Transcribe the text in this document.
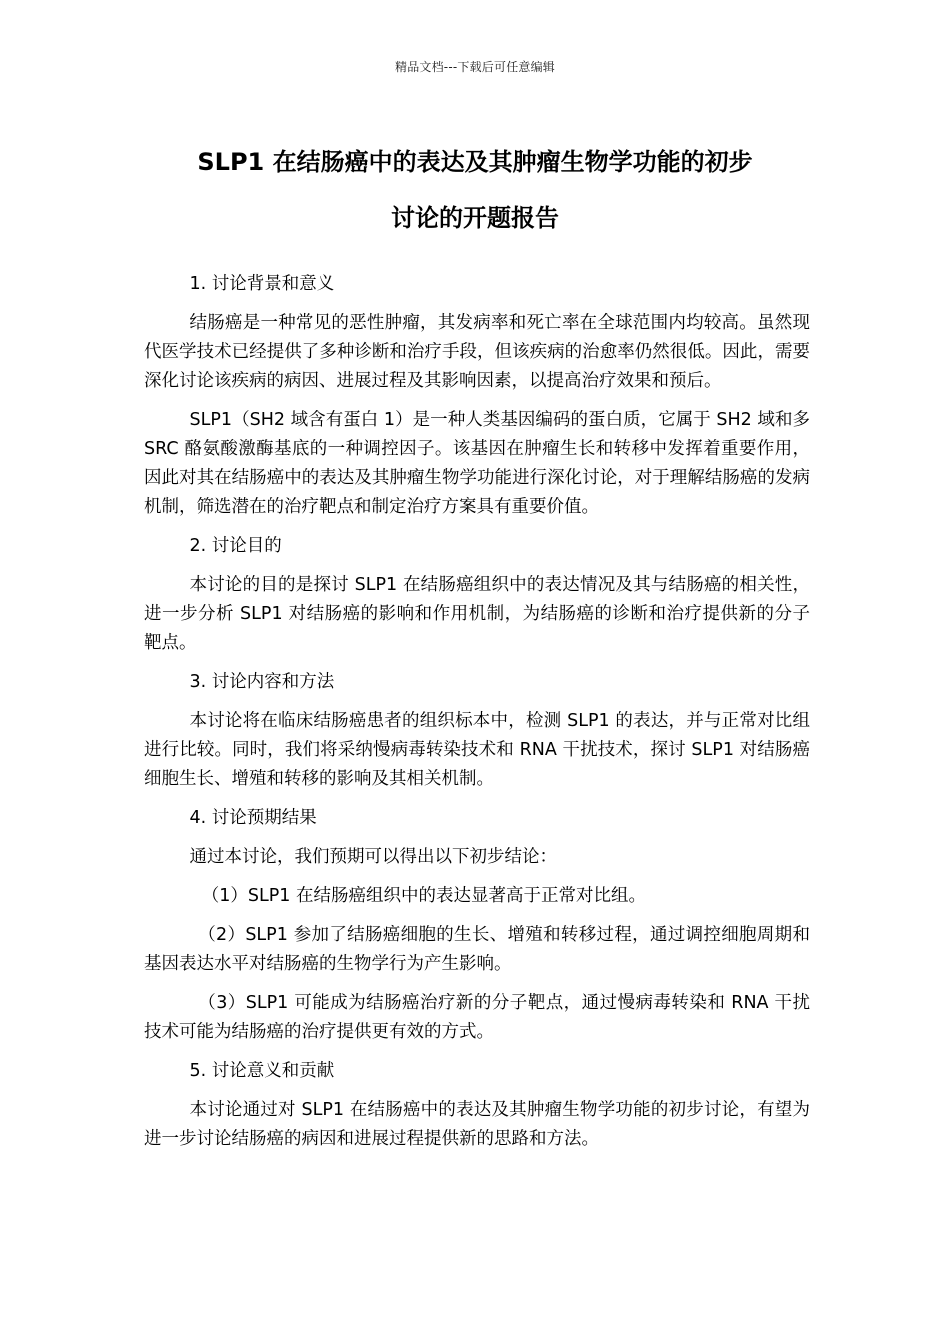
精品文档---下载后可任意编辑
SLP1 在结肠癌中的表达及其肿瘤生物学功能的初步
讨论的开题报告

1. 讨论背景和意义

结肠癌是一种常见的恶性肿瘤，其发病率和死亡率在全球范围内均较高。虽然现代医学技术已经提供了多种诊断和治疗手段，但该疾病的治愈率仍然很低。因此，需要深化讨论该疾病的病因、进展过程及其影响因素，以提高治疗效果和预后。

SLP1（SH2 域含有蛋白 1）是一种人类基因编码的蛋白质，它属于 SH2 域和多 SRC 酪氨酸激酶基底的一种调控因子。该基因在肿瘤生长和转移中发挥着重要作用，因此对其在结肠癌中的表达及其肿瘤生物学功能进行深化讨论，对于理解结肠癌的发病机制，筛选潜在的治疗靶点和制定治疗方案具有重要价值。

2. 讨论目的

本讨论的目的是探讨 SLP1 在结肠癌组织中的表达情况及其与结肠癌的相关性，进一步分析 SLP1 对结肠癌的影响和作用机制，为结肠癌的诊断和治疗提供新的分子靶点。

3. 讨论内容和方法

本讨论将在临床结肠癌患者的组织标本中，检测 SLP1 的表达，并与正常对比组进行比较。同时，我们将采纳慢病毒转染技术和 RNA 干扰技术，探讨 SLP1 对结肠癌细胞生长、增殖和转移的影响及其相关机制。

4. 讨论预期结果

通过本讨论，我们预期可以得出以下初步结论：

（1）SLP1 在结肠癌组织中的表达显著高于正常对比组。

（2）SLP1 参加了结肠癌细胞的生长、增殖和转移过程，通过调控细胞周期和基因表达水平对结肠癌的生物学行为产生影响。

（3）SLP1 可能成为结肠癌治疗新的分子靶点，通过慢病毒转染和 RNA 干扰技术可能为结肠癌的治疗提供更有效的方式。

5. 讨论意义和贡献

本讨论通过对 SLP1 在结肠癌中的表达及其肿瘤生物学功能的初步讨论，有望为进一步讨论结肠癌的病因和进展过程提供新的思路和方法。
